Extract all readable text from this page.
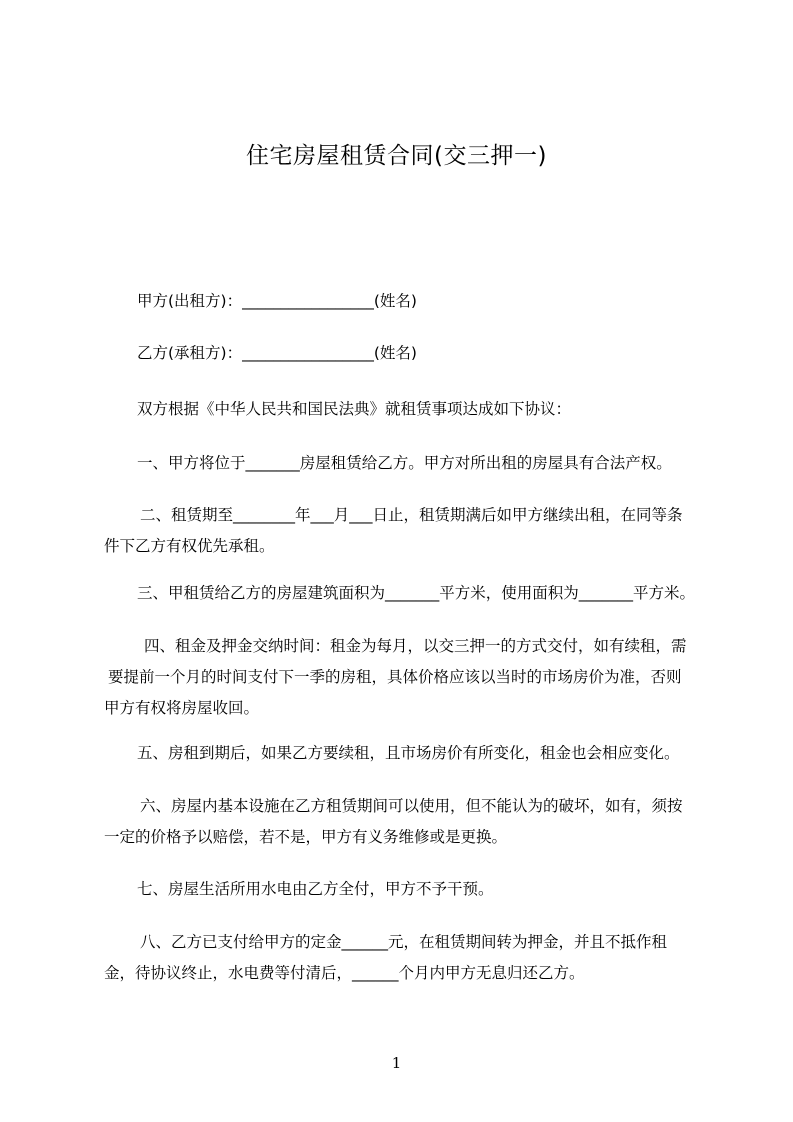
住宅房屋租赁合同(交三押一)
甲方(出租方)：_________________(姓名)
乙方(承租方)：_________________(姓名)
双方根据《中华人民共和国民法典》就租赁事项达成如下协议：
一、甲方将位于_______房屋租赁给乙方。甲方对所出租的房屋具有合法产权。
二、租赁期至________年___月___日止，租赁期满后如甲方继续出租，在同等条
件下乙方有权优先承租。
三、甲租赁给乙方的房屋建筑面积为_______平方米，使用面积为_______平方米。
四、租金及押金交纳时间：租金为每月，以交三押一的方式交付，如有续租，需
要提前一个月的时间支付下一季的房租，具体价格应该以当时的市场房价为准，否则
甲方有权将房屋收回。
五、房租到期后，如果乙方要续租，且市场房价有所变化，租金也会相应变化。
六、房屋内基本设施在乙方租赁期间可以使用，但不能认为的破坏，如有，须按
一定的价格予以赔偿，若不是，甲方有义务维修或是更换。
七、房屋生活所用水电由乙方全付，甲方不予干预。
八、乙方已支付给甲方的定金______元，在租赁期间转为押金，并且不抵作租
金，待协议终止，水电费等付清后，______个月内甲方无息归还乙方。
1
